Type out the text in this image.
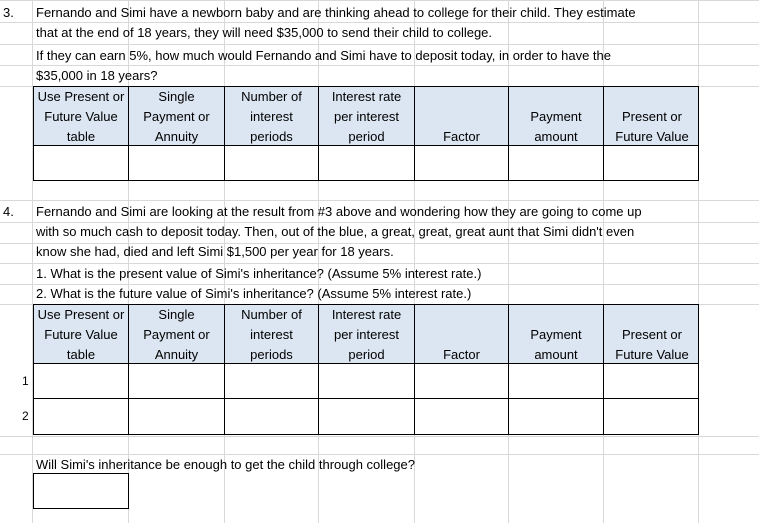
3. Fernando and Simi have a newborn baby and are thinking ahead to college for their child. They estimate
that at the end of 18 years, they will need $35,000 to send their child to college.
If they can earn 5%, how much would Fernando and Simi have to deposit today, in order to have the
$35,000 in 18 years?
Use Present or
Future Value
table
Single
Payment or
Annuity
Number of
interest
periods
Interest rate
per interest
period	Factor
Payment
amount
Present or
Future Value
4. Fernando and Simi are looking at the result from #3 above and wondering how they are going to come up
with so much cash to deposit today. Then, out of the blue, a great, great, great aunt that Simi didn't even
know she had, died and left Simi $1,500 per year for 18 years.
1. What is the present value of Simi's inheritance? (Assume 5% interest rate.)
2. What is the future value of Simi's inheritance? (Assume 5% interest rate.)
Use Present or
Future Value
table
Single
Payment or
Annuity
Number of
interest
periods
Interest rate
per interest
period	Factor
Payment
amount
Present or
Future Value
1
2
Will Simi's inheritance be enough to get the child through college?
